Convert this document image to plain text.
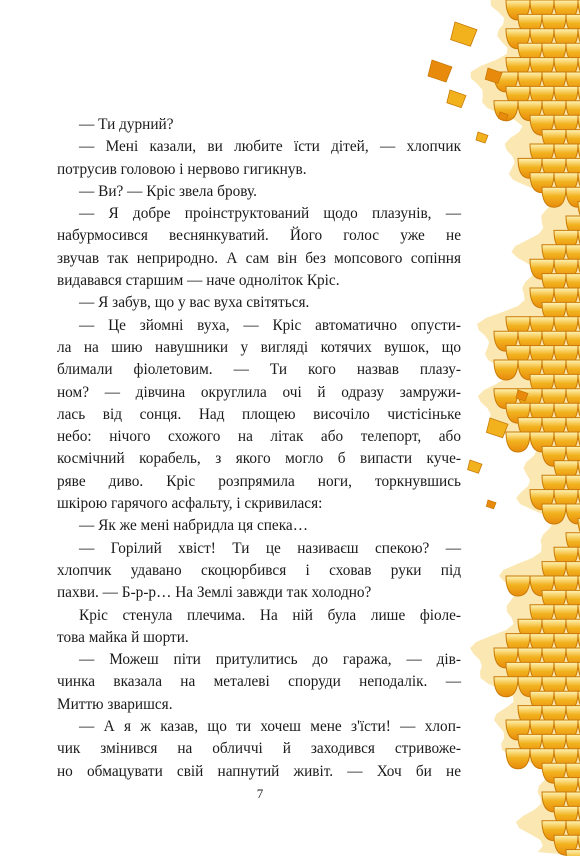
— Ти дурний?
— Мені казали, ви любите їсти дітей, — хлопчик
потрусив головою і нервово гигикнув.
— Ви? — Кріс звела брову.
— Я добре проінструктований щодо плазунів, —
набурмосився веснянкуватий. Його голос уже не
звучав так неприродно. А сам він без мопсового сопіння
видавався старшим — наче одноліток Кріс.
— Я забув, що у вас вуха світяться.
— Це зйомні вуха, — Кріс автоматично опусти-
ла на шию навушники у вигляді котячих вушок, що
блимали фіолетовим. — Ти кого назвав плазу-
ном? — дівчина округлила очі й одразу замружи-
лась від сонця. Над площею височіло чистісіньке
небо: нічого схожого на літак або телепорт, або
космічний корабель, з якого могло б випасти куче-
ряве диво. Кріс розпрямила ноги, торкнувшись
шкірою гарячого асфальту, і скривилася:
— Як же мені набридла ця спека…
— Горілий хвіст! Ти це називаєш спекою? —
хлопчик удавано скоцюрбився і сховав руки під
пахви. — Б-р-р… На Землі завжди так холодно?
Кріс стенула плечима. На ній була лише фіоле-
това майка й шорти.
— Можеш піти притулитись до гаража, — дів-
чинка вказала на металеві споруди неподалік. —
Миттю зваришся.
— А я ж казав, що ти хочеш мене з'їсти! — хлоп-
чик змінився на обличчі й заходився стривоже-
но обмацувати свій напнутий живіт. — Хоч би не
7
